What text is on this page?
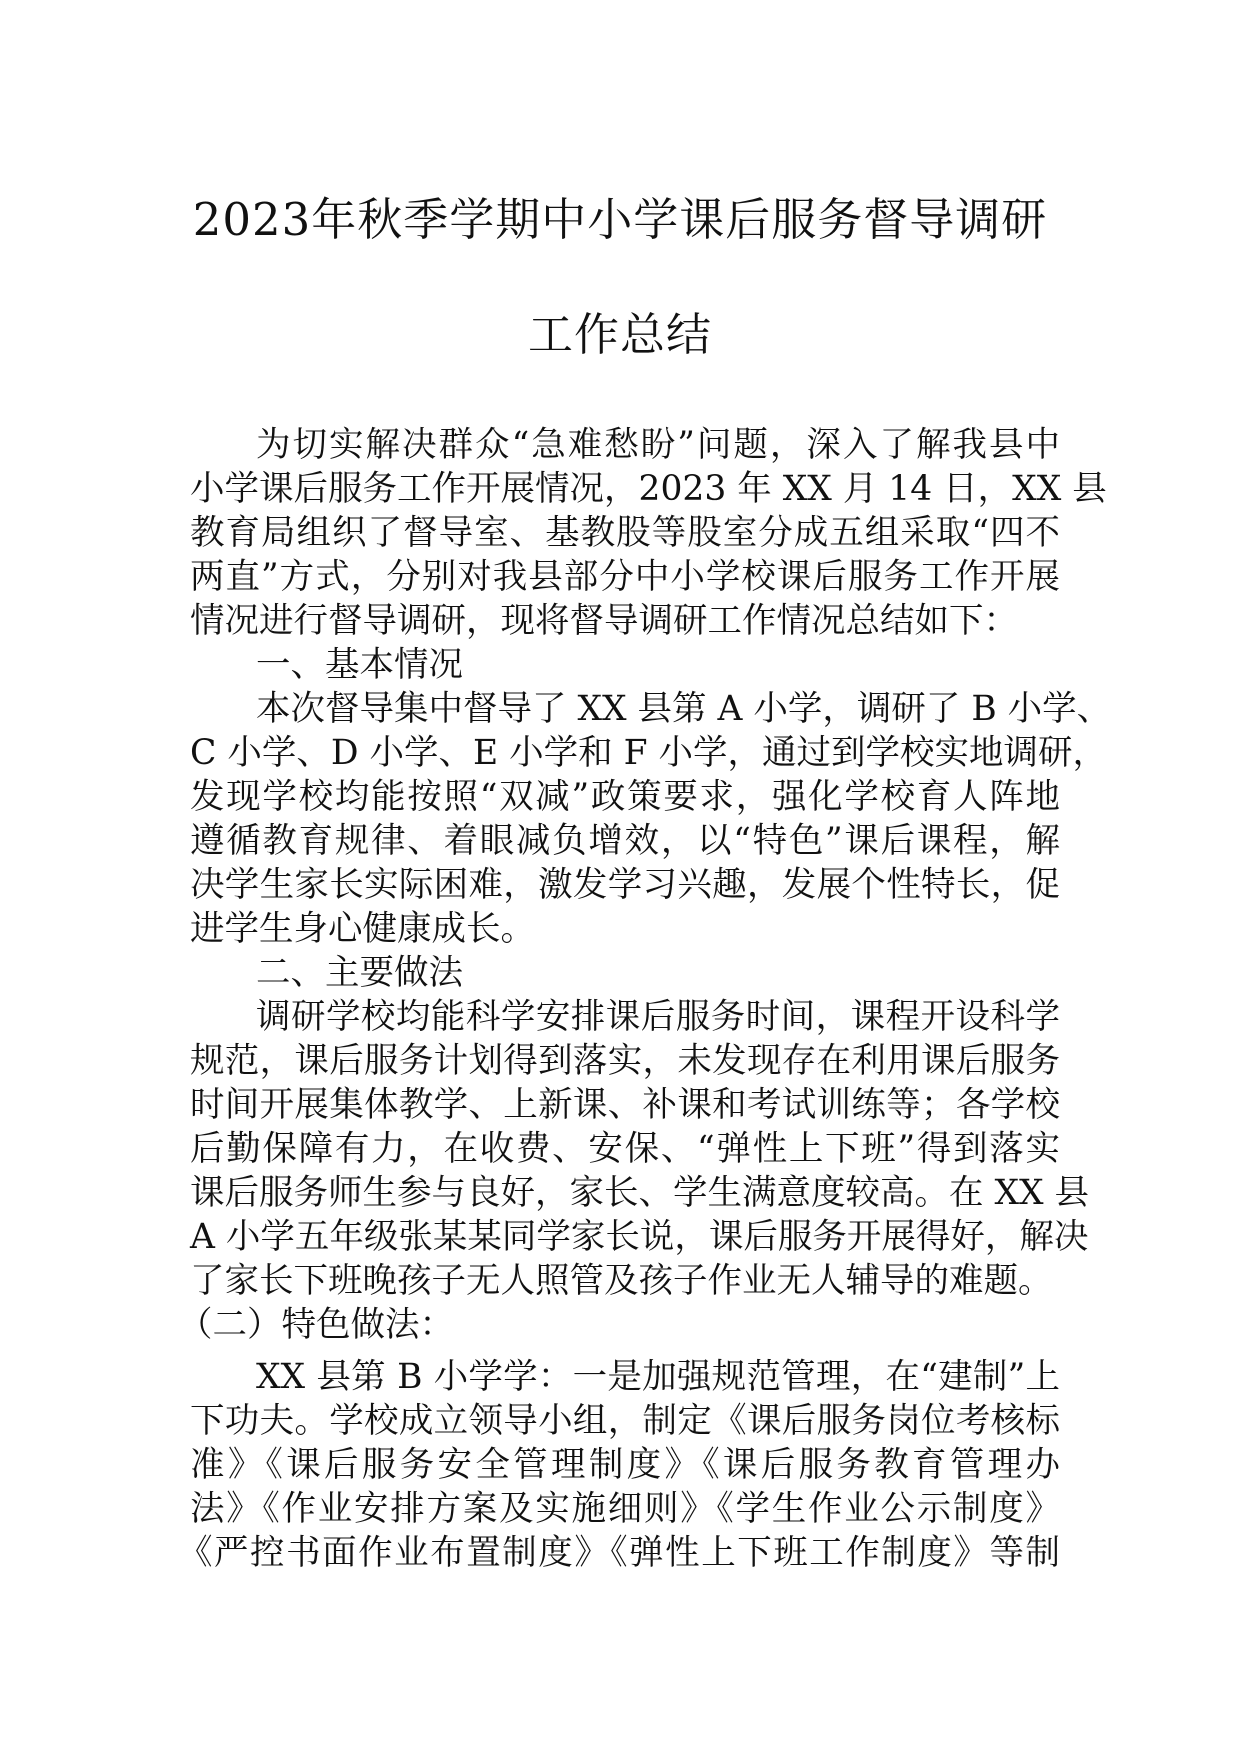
2023年秋季学期中小学课后服务督导调研
工作总结
为切实解决群众“急难愁盼”问题，深入了解我县中
小学课后服务工作开展情况，2023 年 XX 月 14 日，XX 县
教育局组织了督导室、基教股等股室分成五组采取“四不
两直”方式，分别对我县部分中小学校课后服务工作开展
情况进行督导调研，现将督导调研工作情况总结如下：
一、基本情况
本次督导集中督导了 XX 县第 A 小学，调研了 B 小学、
C 小学、D 小学、E 小学和 F 小学，通过到学校实地调研，
发现学校均能按照“双减”政策要求，强化学校育人阵地
遵循教育规律、着眼减负增效，以“特色”课后课程，解
决学生家长实际困难，激发学习兴趣，发展个性特长，促
进学生身心健康成长。
二、主要做法
调研学校均能科学安排课后服务时间，课程开设科学
规范，课后服务计划得到落实，未发现存在利用课后服务
时间开展集体教学、上新课、补课和考试训练等；各学校
后勤保障有力，在收费、安保、“弹性上下班”得到落实
课后服务师生参与良好，家长、学生满意度较高。在 XX 县
A 小学五年级张某某同学家长说，课后服务开展得好，解决
了家长下班晚孩子无人照管及孩子作业无人辅导的难题。
（二）特色做法：
XX 县第 B 小学学：一是加强规范管理，在“建制”上
下功夫。学校成立领导小组，制定《课后服务岗位考核标
准》《课后服务安全管理制度》《课后服务教育管理办
法》《作业安排方案及实施细则》《学生作业公示制度》
《严控书面作业布置制度》《弹性上下班工作制度》等制
